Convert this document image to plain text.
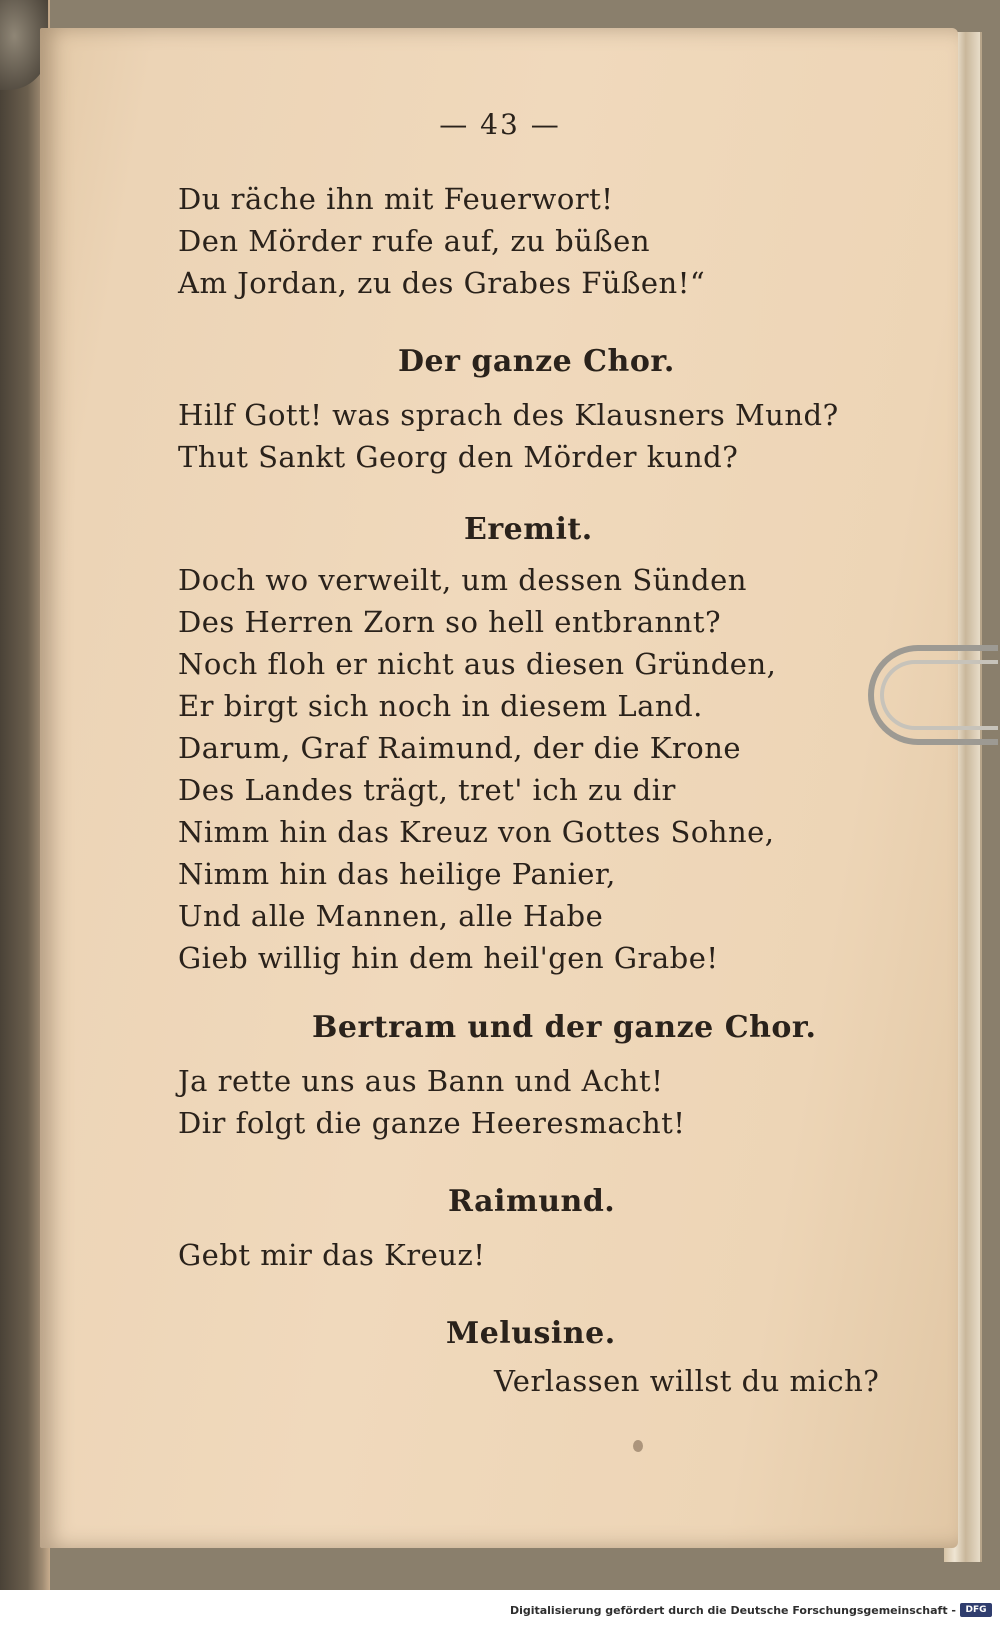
— 43 —
Du räche ihn mit Feuerwort!
Den Mörder rufe auf, zu büßen
Am Jordan, zu des Grabes Füßen!“
Der ganze Chor.
Hilf Gott! was sprach des Klausners Mund?
Thut Sankt Georg den Mörder kund?
Eremit.
Doch wo verweilt, um dessen Sünden
Des Herren Zorn so hell entbrannt?
Noch floh er nicht aus diesen Gründen,
Er birgt sich noch in diesem Land.
Darum, Graf Raimund, der die Krone
Des Landes trägt, tret' ich zu dir
Nimm hin das Kreuz von Gottes Sohne,
Nimm hin das heilige Panier,
Und alle Mannen, alle Habe
Gieb willig hin dem heil'gen Grabe!
Bertram und der ganze Chor.
Ja rette uns aus Bann und Acht!
Dir folgt die ganze Heeresmacht!
Raimund.
Gebt mir das Kreuz!
Melusine.
Verlassen willst du mich?
Digitalisierung gefördert durch die Deutsche Forschungsgemeinschaft -	DFG
